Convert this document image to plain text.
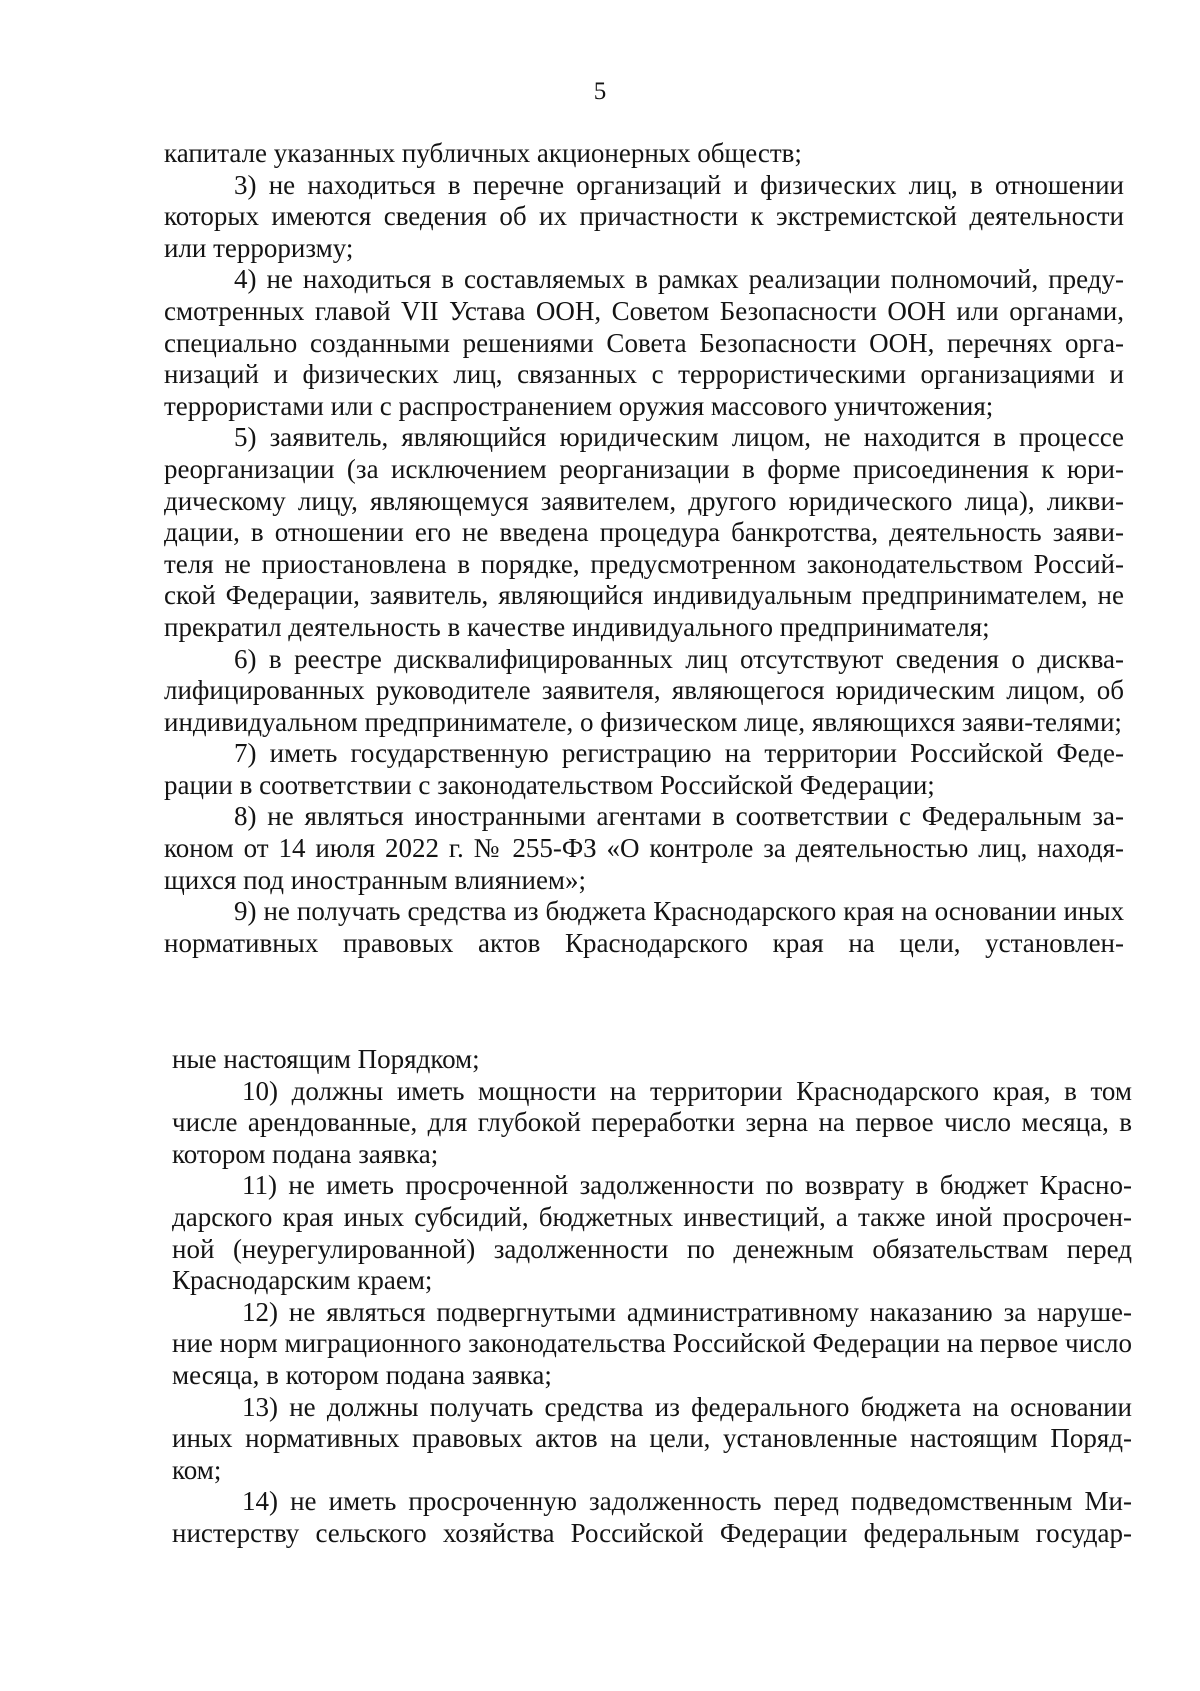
5

капитале указанных публичных акционерных обществ;

3) не находиться в перечне организаций и физических лиц, в отношении которых имеются сведения об их причастности к экстремистской деятельности или терроризму;

4) не находиться в составляемых в рамках реализации полномочий, преду-смотренных главой VII Устава ООН, Советом Безопасности ООН или органами, специально созданными решениями Совета Безопасности ООН, перечнях орга-низаций и физических лиц, связанных с террористическими организациями и террористами или с распространением оружия массового уничтожения;

5) заявитель, являющийся юридическим лицом, не находится в процессе реорганизации (за исключением реорганизации в форме присоединения к юри-дическому лицу, являющемуся заявителем, другого юридического лица), ликви-дации, в отношении его не введена процедура банкротства, деятельность заяви-теля не приостановлена в порядке, предусмотренном законодательством Россий-ской Федерации, заявитель, являющийся индивидуальным предпринимателем, не прекратил деятельность в качестве индивидуального предпринимателя;

6) в реестре дисквалифицированных лиц отсутствуют сведения о дисква-лифицированных руководителе заявителя, являющегося юридическим лицом, об индивидуальном предпринимателе, о физическом лице, являющихся заяви-телями;

7) иметь государственную регистрацию на территории Российской Феде-рации в соответствии с законодательством Российской Федерации;

8) не являться иностранными агентами в соответствии с Федеральным за-коном от 14 июля 2022 г. № 255-ФЗ «О контроле за деятельностью лиц, находя-щихся под иностранным влиянием»;

9) не получать средства из бюджета Краснодарского края на основании иных нормативных правовых актов Краснодарского края на цели, установлен-

ные настоящим Порядком;

10) должны иметь мощности на территории Краснодарского края, в том числе арендованные, для глубокой переработки зерна на первое число месяца, в котором подана заявка;

11) не иметь просроченной задолженности по возврату в бюджет Красно-дарского края иных субсидий, бюджетных инвестиций, а также иной просрочен-ной (неурегулированной) задолженности по денежным обязательствам перед Краснодарским краем;

12) не являться подвергнутыми административному наказанию за наруше-ние норм миграционного законодательства Российской Федерации на первое число месяца, в котором подана заявка;

13) не должны получать средства из федерального бюджета на основании иных нормативных правовых актов на цели, установленные настоящим Поряд-ком;

14) не иметь просроченную задолженность перед подведомственным Ми-нистерству сельского хозяйства Российской Федерации федеральным государ-
